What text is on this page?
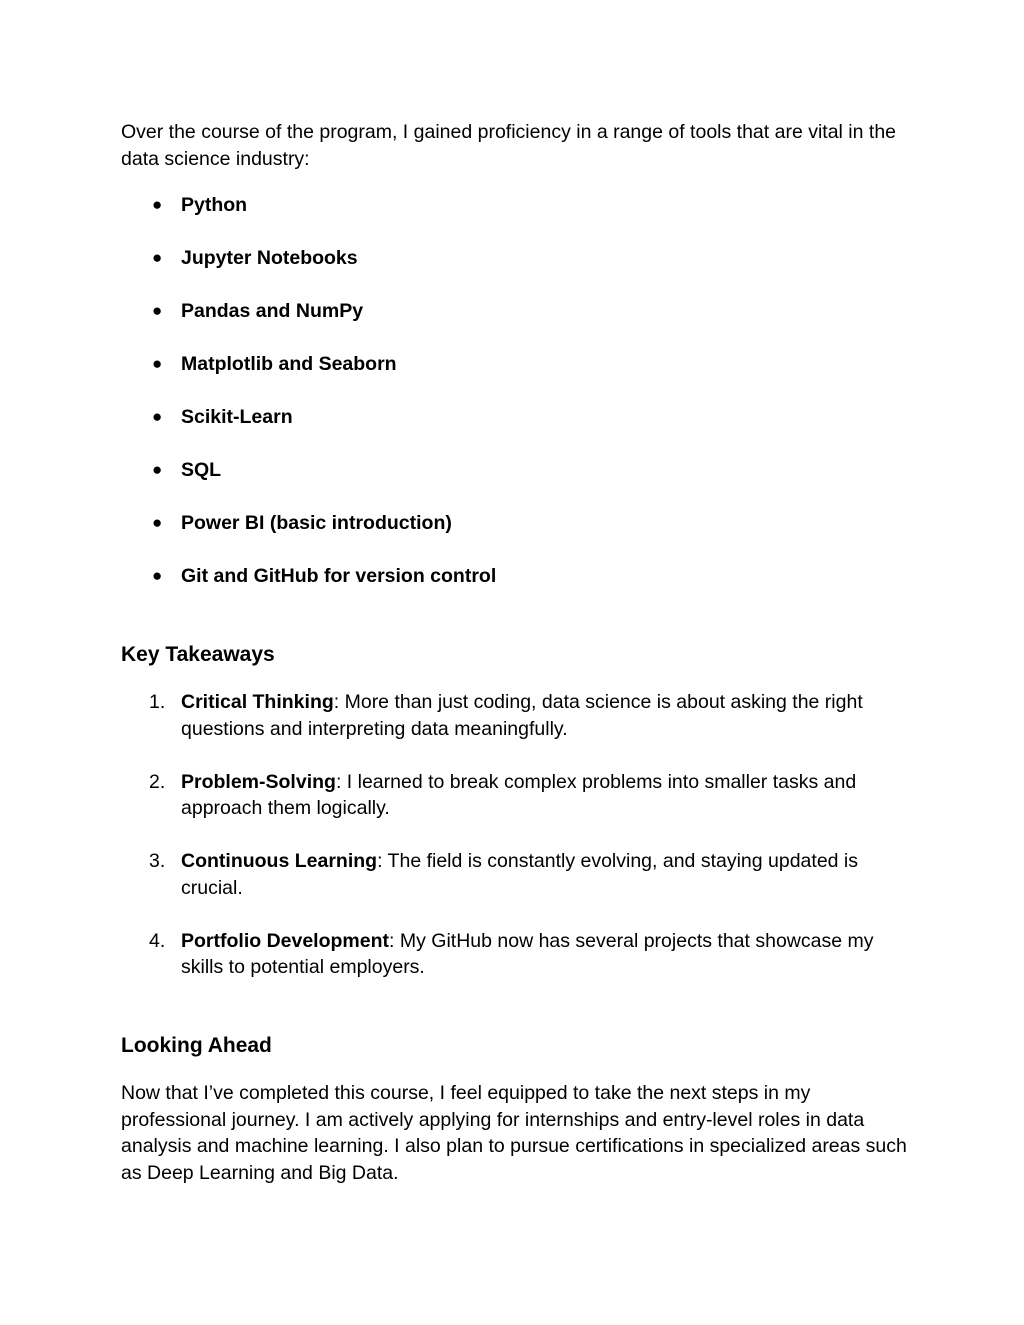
Over the course of the program, I gained proficiency in a range of tools that are vital in the data science industry:

● Python
● Jupyter Notebooks
● Pandas and NumPy
● Matplotlib and Seaborn
● Scikit-Learn
● SQL
● Power BI (basic introduction)
● Git and GitHub for version control
Key Takeaways
1. Critical Thinking: More than just coding, data science is about asking the right questions and interpreting data meaningfully.
2. Problem-Solving: I learned to break complex problems into smaller tasks and approach them logically.
3. Continuous Learning: The field is constantly evolving, and staying updated is crucial.
4. Portfolio Development: My GitHub now has several projects that showcase my skills to potential employers.
Looking Ahead

Now that I’ve completed this course, I feel equipped to take the next steps in my professional journey. I am actively applying for internships and entry-level roles in data analysis and machine learning. I also plan to pursue certifications in specialized areas such as Deep Learning and Big Data.
